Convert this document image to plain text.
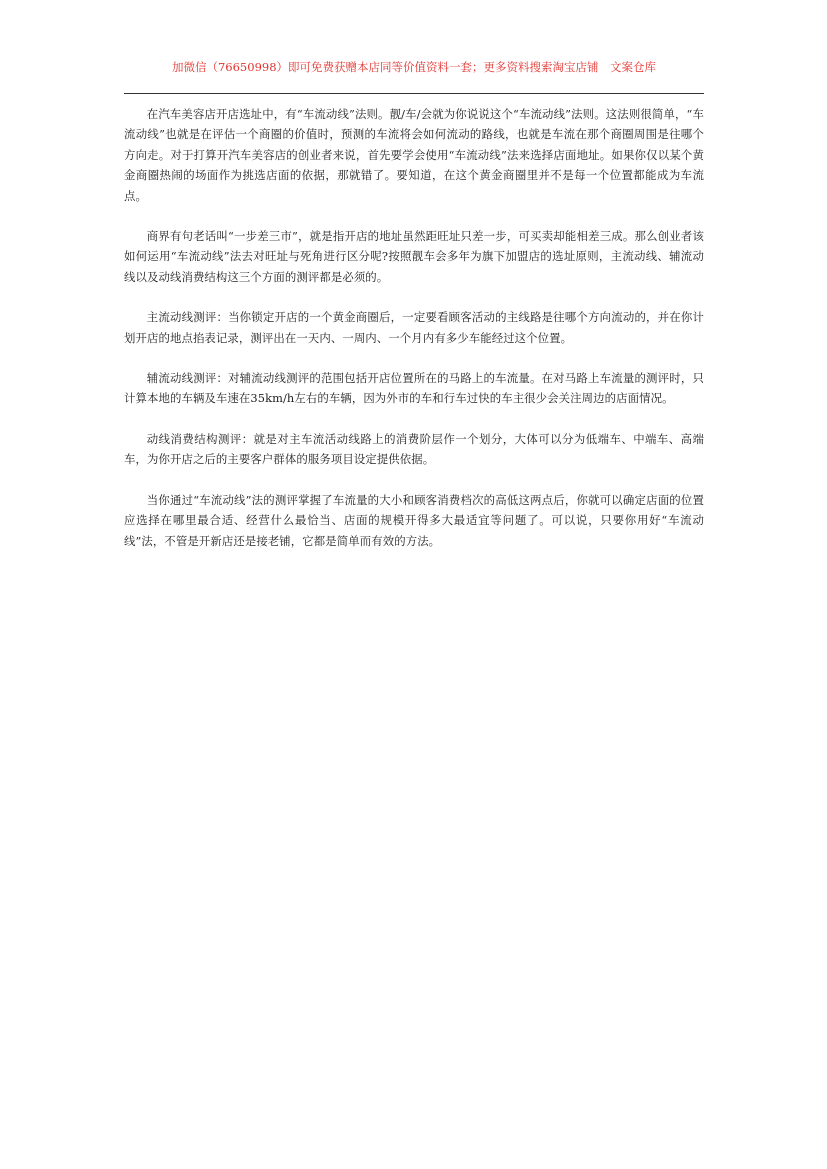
加微信（76650998）即可免费获赠本店同等价值资料一套；更多资料搜索淘宝店铺　文案仓库

在汽车美容店开店选址中，有“车流动线”法则。靓/车/会就为你说说这个“车流动线”法则。这法则很简单，“车流动线”也就是在评估一个商圈的价值时，预测的车流将会如何流动的路线，也就是车流在那个商圈周围是往哪个方向走。对于打算开汽车美容店的创业者来说，首先要学会使用“车流动线”法来选择店面地址。如果你仅以某个黄金商圈热闹的场面作为挑选店面的依据，那就错了。要知道，在这个黄金商圈里并不是每一个位置都能成为车流点。

商界有句老话叫“一步差三市”，就是指开店的地址虽然距旺址只差一步，可买卖却能相差三成。那么创业者该如何运用“车流动线”法去对旺址与死角进行区分呢?按照靓车会多年为旗下加盟店的选址原则，主流动线、辅流动线以及动线消费结构这三个方面的测评都是必须的。

主流动线测评：当你锁定开店的一个黄金商圈后，一定要看顾客活动的主线路是往哪个方向流动的，并在你计划开店的地点掐表记录，测评出在一天内、一周内、一个月内有多少车能经过这个位置。

辅流动线测评：对辅流动线测评的范围包括开店位置所在的马路上的车流量。在对马路上车流量的测评时，只计算本地的车辆及车速在35km/h左右的车辆，因为外市的车和行车过快的车主很少会关注周边的店面情况。

动线消费结构测评：就是对主车流活动线路上的消费阶层作一个划分，大体可以分为低端车、中端车、高端车，为你开店之后的主要客户群体的服务项目设定提供依据。

当你通过“车流动线”法的测评掌握了车流量的大小和顾客消费档次的高低这两点后，你就可以确定店面的位置应选择在哪里最合适、经营什么最恰当、店面的规模开得多大最适宜等问题了。可以说，只要你用好“车流动线”法，不管是开新店还是接老铺，它都是简单而有效的方法。
